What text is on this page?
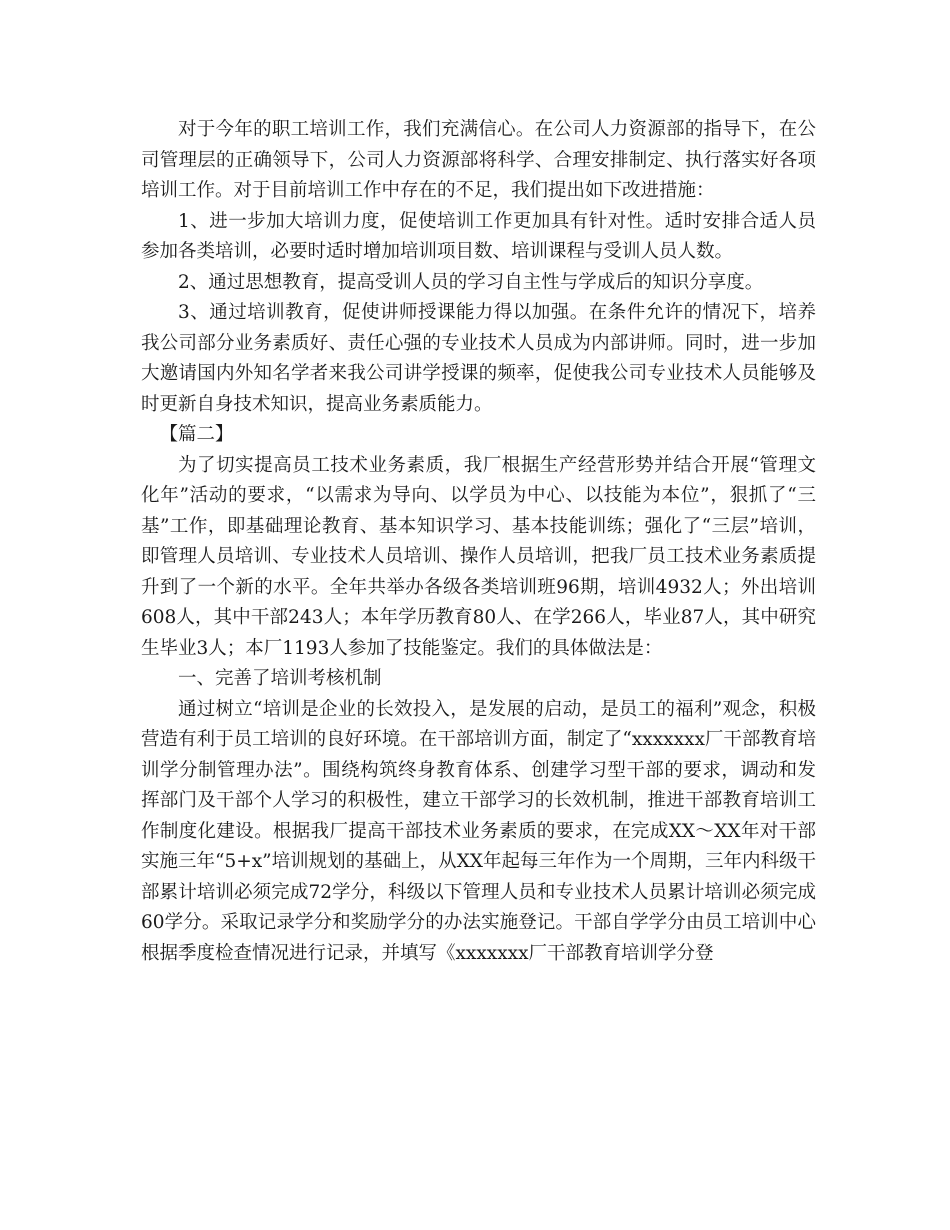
对于今年的职工培训工作，我们充满信心。在公司人力资源部的指导下，在公司管理层的正确领导下，公司人力资源部将科学、合理安排制定、执行落实好各项培训工作。对于目前培训工作中存在的不足，我们提出如下改进措施：

1、进一步加大培训力度，促使培训工作更加具有针对性。适时安排合适人员参加各类培训，必要时适时增加培训项目数、培训课程与受训人员人数。

2、通过思想教育，提高受训人员的学习自主性与学成后的知识分享度。

3、通过培训教育，促使讲师授课能力得以加强。在条件允许的情况下，培养我公司部分业务素质好、责任心强的专业技术人员成为内部讲师。同时，进一步加大邀请国内外知名学者来我公司讲学授课的频率，促使我公司专业技术人员能够及时更新自身技术知识，提高业务素质能力。

【篇二】

为了切实提高员工技术业务素质，我厂根据生产经营形势并结合开展“管理文化年”活动的要求，“以需求为导向、以学员为中心、以技能为本位”，狠抓了“三基”工作，即基础理论教育、基本知识学习、基本技能训练；强化了“三层”培训，即管理人员培训、专业技术人员培训、操作人员培训，把我厂员工技术业务素质提升到了一个新的水平。全年共举办各级各类培训班96期，培训4932人；外出培训608人，其中干部243人；本年学历教育80人、在学266人，毕业87人，其中研究生毕业3人；本厂1193人参加了技能鉴定。我们的具体做法是：

一、完善了培训考核机制

通过树立“培训是企业的长效投入，是发展的启动，是员工的福利”观念，积极营造有利于员工培训的良好环境。在干部培训方面，制定了“xxxxxxx厂干部教育培训学分制管理办法”。围绕构筑终身教育体系、创建学习型干部的要求，调动和发挥部门及干部个人学习的积极性，建立干部学习的长效机制，推进干部教育培训工作制度化建设。根据我厂提高干部技术业务素质的要求，在完成XX～XX年对干部实施三年“5+x”培训规划的基础上，从XX年起每三年作为一个周期，三年内科级干部累计培训必须完成72学分，科级以下管理人员和专业技术人员累计培训必须完成60学分。采取记录学分和奖励学分的办法实施登记。干部自学学分由员工培训中心根据季度检查情况进行记录，并填写《xxxxxxx厂干部教育培训学分登
